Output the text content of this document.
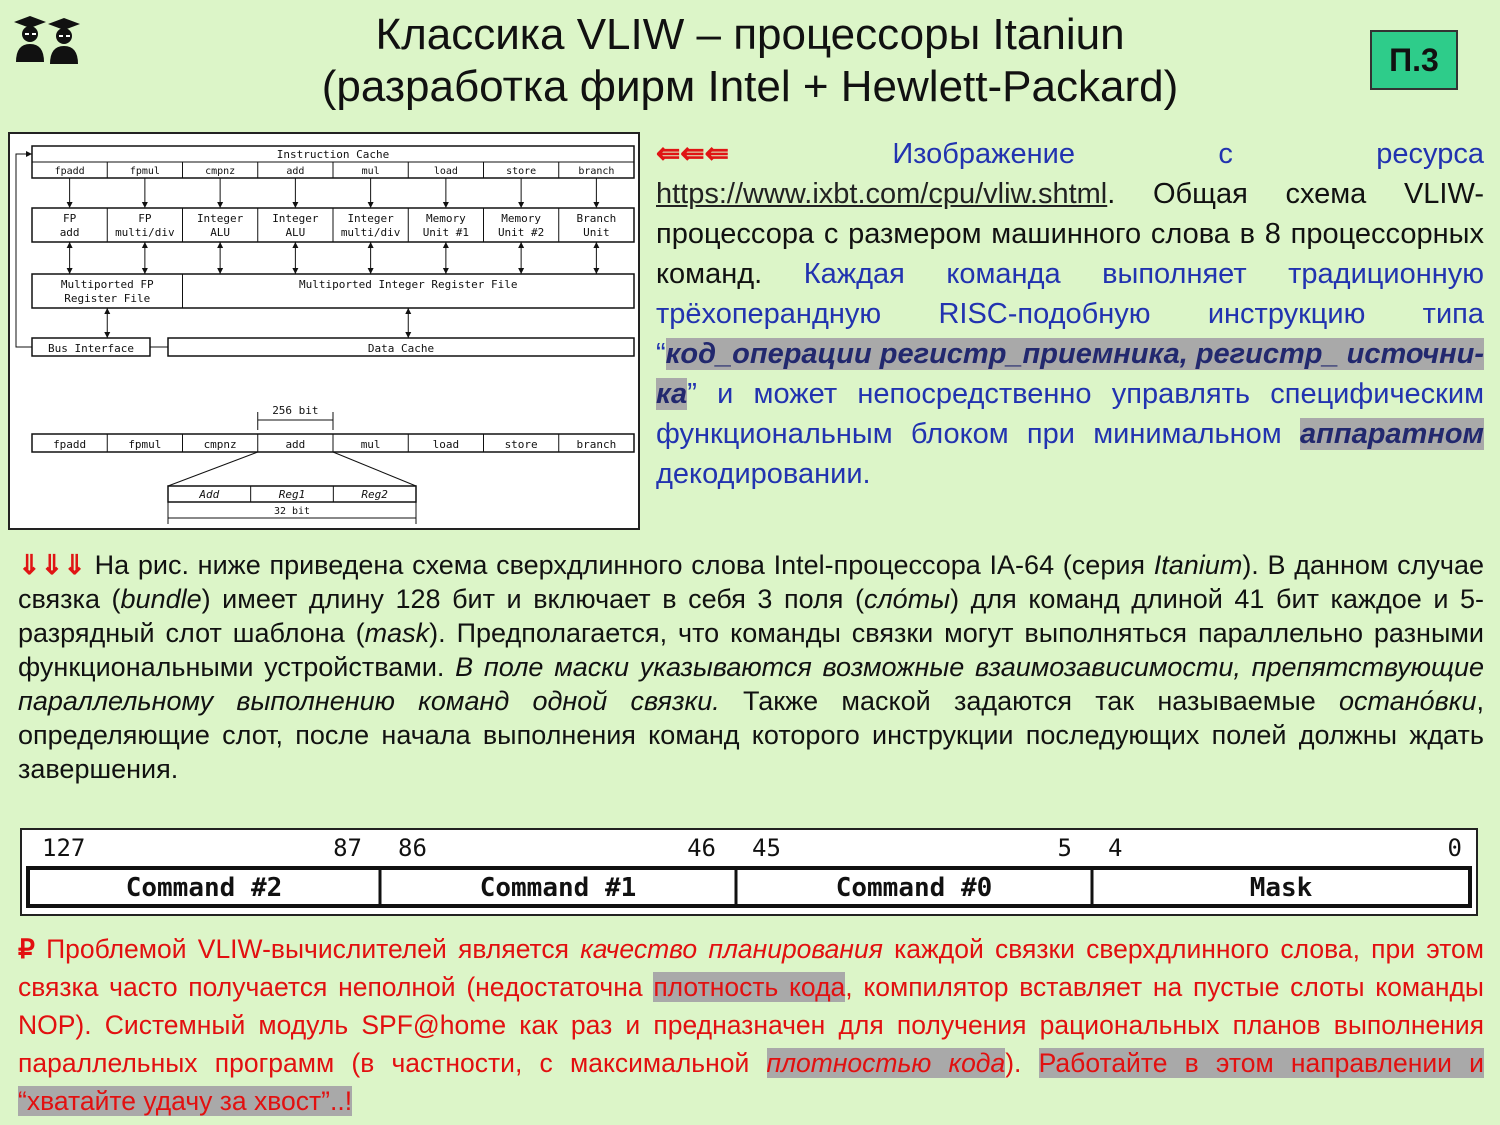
Классика VLIW – процессоры Itaniun
(разработка фирм Intel + Hewlett-Packard)
П.3
Instruction Cache
fpadd	fpmul	cmpnz	add	mul	load	store	branch
FP
add
FP
multi/div
Integer
ALU
Integer
ALU
Integer
multi/div
Memory
Unit #1
Memory
Unit #2
Branch
Unit
Multiported FP
Register File
Multiported Integer Register File
Bus Interface	Data Cache
256 bit
fpadd	fpmul	cmpnz	add	mul	load	store	branch
Add	Reg1	Reg2
32 bit
⇚⇚⇚	Изображение с ресурса https://www.ixbt.com/cpu/vliw.shtml. Общая схема VLIW-процессора с размером машинного слова в 8 процессорных команд. Каждая команда выполняет традиционную трёхоперандную RISC-подобную инструкцию типа “код_операции регистр_приемника, регистр_ источни-ка” и может непосредственно управлять специфическим функциональным блоком при минимальном аппаратном декодировании.
⇓⇓⇓ На рис. ниже приведена схема сверхдлинного слова Intel-процессора IA-64 (серия Itanium). В данном случае связка (bundle) имеет длину 128 бит и включает в себя 3 поля (сло́ты) для команд длиной 41 бит каждое и 5-разрядный слот шаблона (mask). Предполагается, что команды связки могут выполняться параллельно разными функциональными устройствами. В поле маски указываются возможные взаимозависимости, препятствующие параллельному выполнению команд одной связки. Также маской задаются так называемые остано́вки, определяющие слот, после начала выполнения команд которого инструкции последующих полей должны ждать завершения.
127	87 86	46 45	5 4	0
Command #2	Command #1	Command #0	Mask
₽ Проблемой VLIW-вычислителей является качество планирования каждой связки сверхдлинного слова, при этом связка часто получается неполной (недостаточна плотность кода, компилятор вставляет на пустые слоты команды NOP). Системный модуль SPF@home как раз и предназначен для получения рациональных планов выполнения параллельных программ (в частности, с максимальной плотностью кода). Работайте в этом направлении и “хватайте удачу за хвост”..!
